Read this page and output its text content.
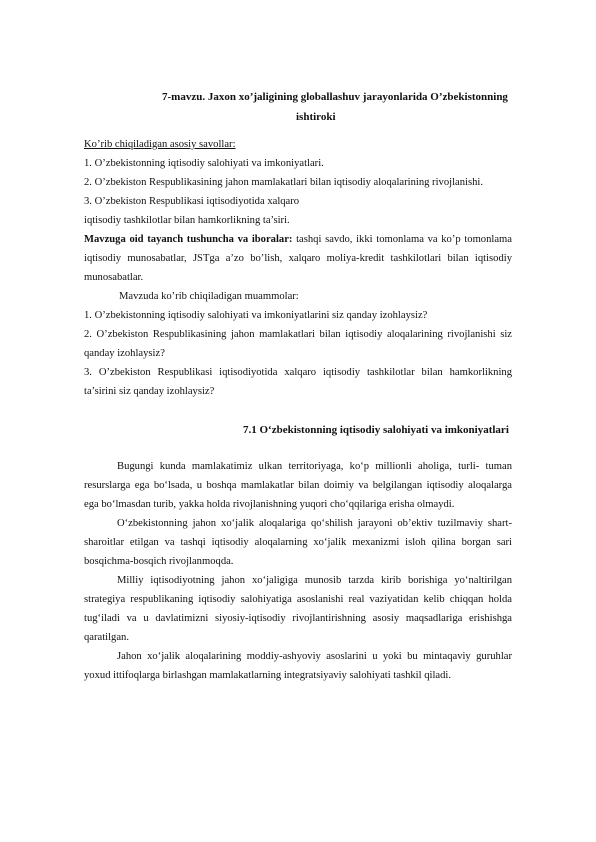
7-mavzu. Jaxon xo’jaligining globallashuv jarayonlarida O’zbekistonning
ishtiroki
Ko’rib chiqiladigan asosiy savollar:
1. O’zbekistonning iqtisodiy salohiyati va imkoniyatlari.
2. O’zbekiston Respublikasining jahon mamlakatlari bilan iqtisodiy aloqalarining rivojlanishi.
3. O’zbekiston Respublikasi iqtisodiyotida xalqaro
iqtisodiy tashkilotlar bilan hamkorlikning ta’siri.
Mavzuga oid tayanch tushuncha va iboralar: tashqi savdo, ikki tomonlama va ko’p tomonlama
iqtisodiy munosabatlar, JSTga a’zo bo’lish, xalqaro moliya-kredit tashkilotlari bilan iqtisodiy
munosabatlar.
Mavzuda ko’rib chiqiladigan muammolar:
1. O’zbekistonning iqtisodiy salohiyati va imkoniyatlarini siz qanday izohlaysiz?
2. O’zbekiston Respublikasining jahon mamlakatlari bilan iqtisodiy aloqalarining rivojlanishi siz
qanday izohlaysiz?
3. O’zbekiston Respublikasi iqtisodiyotida xalqaro iqtisodiy tashkilotlar bilan hamkorlikning
ta’sirini siz qanday izohlaysiz?
7.1 O‘zbekistonning iqtisodiy salohiyati va imkoniyatlari
Bugungi kunda mamlakatimiz ulkan territoriyaga, ko‘p millionli aholiga, turli- tuman
resurslarga ega bo‘lsada, u boshqa mamlakatlar bilan doimiy va belgilangan iqtisodiy aloqalarga
ega bo‘lmasdan turib, yakka holda rivojlanishning yuqori cho‘qqilariga erisha olmaydi.
O‘zbekistonning jahon xo‘jalik aloqalariga qo‘shilish jarayoni ob’ektiv tuzilmaviy shart-
sharoitlar etilgan va tashqi iqtisodiy aloqalarning xo‘jalik mexanizmi isloh qilina borgan sari
bosqichma-bosqich rivojlanmoqda.
Milliy iqtisodiyotning jahon xo‘jaligiga munosib tarzda kirib borishiga yo‘naltirilgan
strategiya respublikaning iqtisodiy salohiyatiga asoslanishi real vaziyatidan kelib chiqqan holda
tug‘iladi va u davlatimizni siyosiy-iqtisodiy rivojlantirishning asosiy maqsadlariga erishishga
qaratilgan.
Jahon xo‘jalik aloqalarining moddiy-ashyoviy asoslarini u yoki bu mintaqaviy guruhlar
yoxud ittifoqlarga birlashgan mamlakatlarning integratsiyaviy salohiyati tashkil qiladi.
